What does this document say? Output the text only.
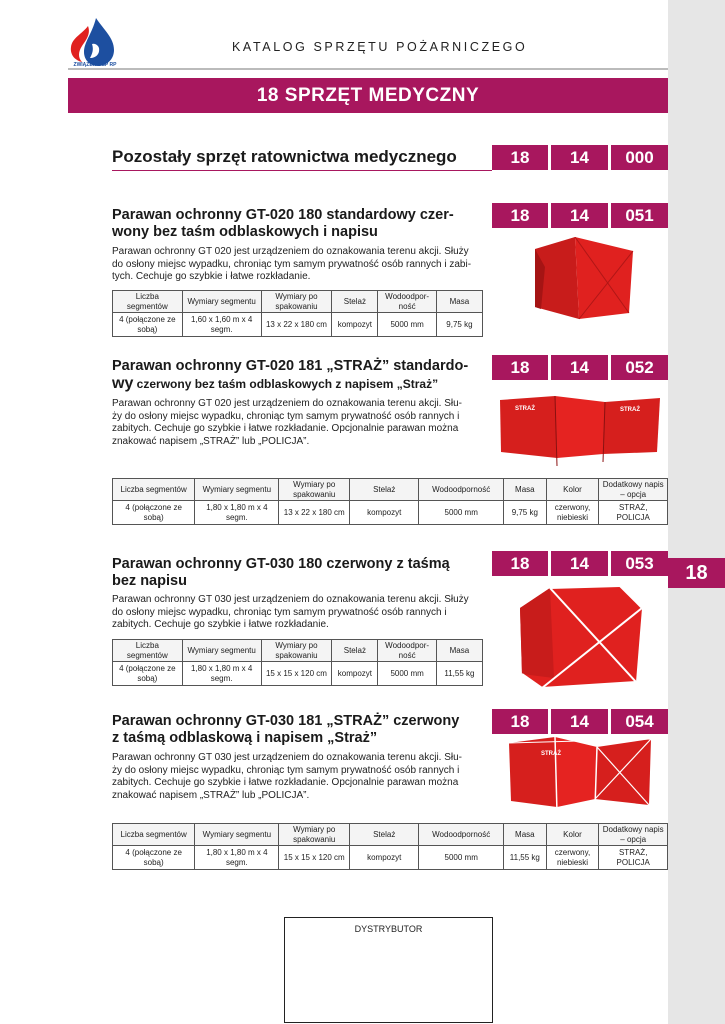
18
ZWIĄZEK OSP RP
KATALOG SPRZĘTU POŻARNICZEGO
18 SPRZĘT MEDYCZNY
Pozostały sprzęt ratownictwa medycznego	18	14	000
Parawan ochronny GT-020 180 standardowy czer-
wony bez taśm odblaskowych i napisu
18	14	051
Parawan ochronny GT 020 jest urządzeniem do oznakowania terenu akcji. Służy
do osłony miejsc wypadku, chroniąc tym samym prywatność osób rannych i zabi-
tych. Cechuje go szybkie i łatwe rozkładanie.
Liczba segmentów	Wymiary segmentu	Wymiary po spakowaniu	Stelaż	Wodoodpor-ność	Masa
4 (połączone ze sobą)	1,60 x 1,60 m x 4 segm.	13 x 22 x 180 cm	kompozyt	5000 mm	9,75 kg
Parawan ochronny GT-020 181 „STRAŻ” standardo-
wy czerwony bez taśm odblaskowych z napisem „Straż”
18	14	052
Parawan ochronny GT 020 jest urządzeniem do oznakowania terenu akcji. Słu-
ży do osłony miejsc wypadku, chroniąc tym samym prywatność osób rannych i
zabitych. Cechuje go szybkie i łatwe rozkładanie. Opcjonalnie parawan można
znakować napisem „STRAŻ” lub „POLICJA”.
STRAŻ	STRAŻ
Liczba segmentów	Wymiary segmentu	Wymiary po spakowaniu	Stelaż	Wodoodporność	Masa	Kolor	Dodatkowy napis – opcja
4 (połączone ze sobą)	1,80 x 1,80 m x 4 segm.	13 x 22 x 180 cm	kompozyt	5000 mm	9,75 kg	czerwony, niebieski	STRAŻ, POLICJA
Parawan ochronny GT-030 180 czerwony z taśmą
bez napisu
18	14	053
Parawan ochronny GT 030 jest urządzeniem do oznakowania terenu akcji. Służy
do osłony miejsc wypadku, chroniąc tym samym prywatność osób rannych i
zabitych. Cechuje go szybkie i łatwe rozkładanie.
Liczba segmentów	Wymiary segmentu	Wymiary po spakowaniu	Stelaż	Wodoodpor-ność	Masa
4 (połączone ze sobą)	1,80 x 1,80 m x 4 segm.	15 x 15 x 120 cm	kompozyt	5000 mm	11,55 kg
Parawan ochronny GT-030 181 „STRAŻ” czerwony
z taśmą odblaskową i napisem „Straż”
18	14	054
Parawan ochronny GT 030 jest urządzeniem do oznakowania terenu akcji. Słu-
ży do osłony miejsc wypadku, chroniąc tym samym prywatność osób rannych i
zabitych. Cechuje go szybkie i łatwe rozkładanie. Opcjonalnie parawan można
znakować napisem „STRAŻ” lub „POLICJA”.
STRAŻ
Liczba segmentów	Wymiary segmentu	Wymiary po spakowaniu	Stelaż	Wodoodporność	Masa	Kolor	Dodatkowy napis – opcja
4 (połączone ze sobą)	1,80 x 1,80 m x 4 segm.	15 x 15 x 120 cm	kompozyt	5000 mm	11,55 kg	czerwony, niebieski	STRAŻ, POLICJA
DYSTRYBUTOR
